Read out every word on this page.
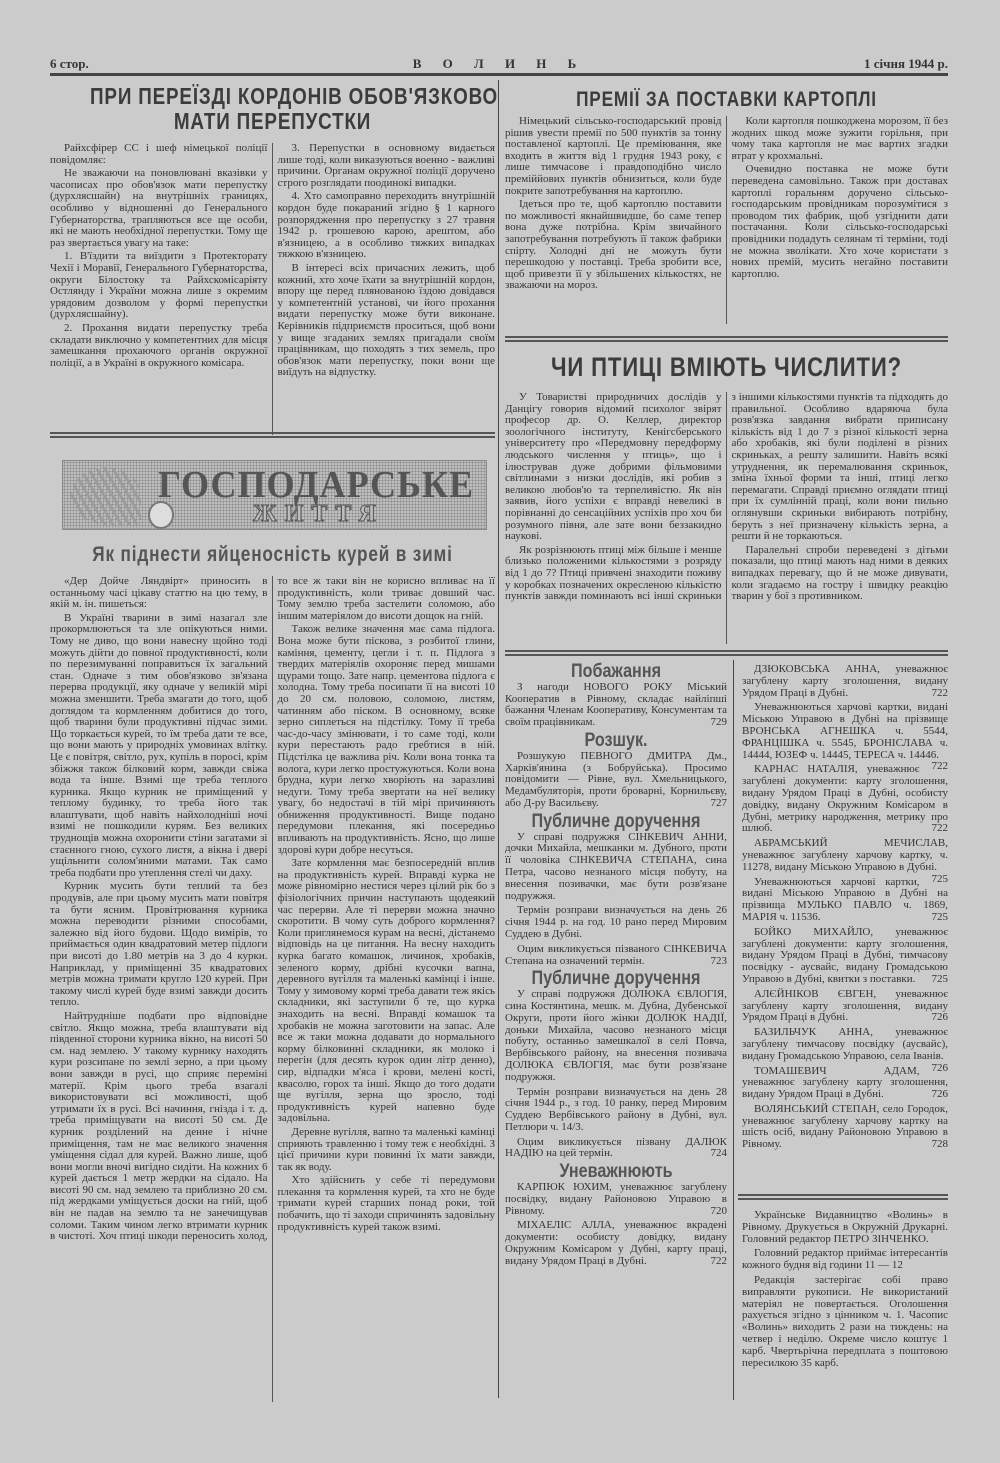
В О Л И Н Ь
6 стор.	1 січня 1944 р.
ПРИ ПЕРЕЇЗДІ КОРДОНІВ ОБОВ'ЯЗКОВО
МАТИ ПЕРЕПУСТКИ

Райхсфірер СС і шеф німецької поліції повідомляє:

Не зважаючи на поновлювані вказівки у часописах про обов'язок мати перепустку (дурхлясшайн) на внутрішніх границях, особливо у відношенні до Генерального Губернаторства, трапляються все ще особи, які не мають необхідної перепустки. Тому ще раз звертається увагу на таке:

1. В'їздити та виїздити з Протекторату Чехії і Моравії, Генерального Губернаторства, округи Білостоку та Райхскомісаріяту Остлянду і України можна лише з окремим урядовим дозволом у формі перепустки (дурхлясшайну).

2. Прохання видати перепустку треба складати виключно у компетентних для місця замешкання прохаючого органів окружної поліції, а в Україні в окружного комісара.

3. Перепустки в основному видається лише тоді, коли виказуються военно - важливі причини. Органам окружної поліції доручено строго розглядати поодинокі випадки.

4. Хто самоправно переходить внутрішній кордон буде покараний згідно § 1 карного розпорядження про перепустку з 27 травня 1942 р. грошевою карою, арештом, або в'язницею, а в особливо тяжких випадках тяжкою в'язницею.

В інтересі всіх причасних лежить, щоб кожний, хто хоче їхати за внутрішній кордон, впору ще перед плянованою їздою довідався у компетентній установі, чи його прохання видати перепустку може бути виконане. Керівників підприємств проситься, щоб вони у вище згаданих землях пригадали своїм працівникам, що походять з тих земель, про обов'язок мати перепустку, поки вони ще виїдуть на відпустку.

ПРЕМІЇ ЗА ПОСТАВКИ КАРТОПЛІ

Німецький сільсько-господарський провід рішив увести премії по 500 пунктів за тонну поставленої картоплі. Це преміювання, яке входить в життя від 1 грудня 1943 року, є лише тимчасове і правдоподібно число преміййових пунктів обнизиться, коли буде покрите запотребування на картоплю.

Ідеться про те, щоб картоплю поставити по можливості якнайшвидше, бо саме тепер вона дуже потрібна. Крім звичайного запотребування потребують її також фабрики спірту. Холодні дні не можуть бути перешкодою у поставці. Треба зробити все, щоб привезти її у збільшених кількостях, не зважаючи на мороз.

Коли картопля пошкоджена морозом, її без жодних шкод може зужити горільня, при чому така картопля не має вартих згадки втрат у крохмальні.

Очевидно поставка не може бути переведена самовільно. Також при доставах картоплі горальням доручено сільсько-господарським провідникам порозумітися з проводом тих фабрик, щоб узгіднити дати постачання. Коли сільсько-господарські провідники подадуть селянам ті терміни, тоді не можна зволікати. Хто хоче користати з нових премій, мусить негайно поставити картоплю.

ЧИ ПТИЦІ ВМІЮТЬ ЧИСЛИТИ?

У Товаристві природничих дослідів у Данцігу говорив відомий психолог звірят професор др. О. Келлер, директор зоологічного інституту, Кенігсберського університету про «Передмовну передформу людського числення у птиць», що і ілюстрував дуже добрими фільмовими світлинами з низки дослідів, які робив з великою любов'ю та терпеливістю. Як він заявив, його успіхи є вправді невеликі в порівнанні до сенсаційних успіхів про хоч би розумного півня, але зате вони беззакидно наукові.

Як розрізнюють птиці між більше і менше близько положеними кількостями з розряду від 1 до 7? Птиці привчені знаходити поживу у коробках позначених окресленою кількістю пунктів завжди поминають всі інші скриньки з іншими кількостями пунктів та підходять до правильної. Особливо вдаряюча була розв'язка завдання вибрати приписану кількість від 1 до 7 з різної кількості зерна або хробаків, які були поділені в різних скриньках, а решту залишити. Навіть всякі утруднення, як перемалювання скриньок, зміна їхньої форми та інші, птиці легко перемагати. Справді приємно оглядати птиці при їх сумлінній праці, коли вони пильно оглянувши скриньки вибирають потрібну, беруть з неї призначену кількість зерна, а решти й не торкаються.

Паралельні спроби переведені з дітьми показали, що птиці мають над ними в деяких випадках перевагу, що й не може дивувати, коли згадаємо на гостру і швидку реакцію тварин у бої з противником.

ГОСПОДАРСЬКЕ
ЖИТТЯ
Як піднести яйценосність курей в зимі

«Дер Дойче Ляндвірт» приносить в останньому часі цікаву статтю на цю тему, в якій м. ін. пишеться:

В Україні тварини в зимі назагал зле прокормлюються та зле опікуються ними. Тому не диво, що вони навесну щойно тоді можуть дійти до повної продуктивності, коли по перезимуванні поправиться їх загальний стан. Одначе з тим обов'язково зв'язана перерва продукції, яку одначе у великій мірі можна зменшити. Треба змагати до того, щоб доглядом та кормленням добитися до того, щоб тварини були продуктивні підчас зими. Що торкається курей, то їм треба дати те все, що вони мають у природніх умовинах влітку. Це є повітря, світло, рух, купіль в поросі, крім збіжжя також білковий корм, завжди свіжа вода та інше. Взимі ще треба теплого курника. Якщо курник не приміщений у теплому будинку, то треба його так влаштувати, щоб навіть найхолодніші ночі взимі не пошкодили курям. Без великих труднощів можна охоронити стіни загатами зі стаєнного гною, сухого листя, а вікна і двері ущільнити солом'яними матами. Так само треба подбати про утеплення стелі чи даху.

Курник мусить бути теплий та без продувів, але при цьому мусить мати повітря та бути ясним. Провітрювання курника можна переводити різними способами, залежно від його будови. Щодо вимірів, то приймається один квадратовий метер підлоги при висоті до 1.80 метрів на 3 до 4 курки. Наприклад, у приміщенні 35 квадратових метрів можна тримати кругло 120 курей. При такому числі курей буде взимі завжди досить тепло.

Найтрудніше подбати про відповідне світло. Якщо можна, треба влаштувати від південної сторони курника вікно, на висоті 50 см. над землею. У такому курнику находять кури розсипане по землі зерно, а при цьому вони завжди в русі, що сприяє переміні матерії. Крім цього треба взагалі використовувати всі можливості, щоб утримати їх в русі. Всі начиння, гнізда і т. д. треба приміщувати на висоті 50 см. Де курник розділений на денне і нічне приміщення, там не має великого значення уміщення сідал для курей. Важно лише, щоб вони могли вночі вигідно сидіти. На кожних 6 курей дається 1 метр жердки на сідало. На висоті 90 см. над землею та приблизно 20 см. під жердками уміщується доски на гній, щоб він не падав на землю та не занечищував соломи. Таким чином легко втримати курник в чистоті. Хоч птиці шкоди переносить холод, то все ж таки він не корисно впливає на її продуктивність, коли триває довший час. Тому землю треба застелити соломою, або іншим матеріялом до висоти дощок на гній.

Також велике значення має сама підлога. Вона може бути піскова, з розбитої глини, каміння, цементу, цегли і т. п. Підлога з твердих матеріялів охороняє перед мишами щурами тощо. Зате напр. цементова підлога є холодна. Тому треба посипати її на висоті 10 до 20 см. половою, соломою, листям, чатинням або піском. В основному, всяке зерно сиплеться на підстілку. Тому її треба час-до-часу змінювати, і то саме тоді, коли кури перестають радо гребтися в ній. Підстілка це важлива річ. Коли вона тонка та волога, кури легко простужуються. Коли вона брудна, кури легко хворіють на заразливі недуги. Тому треба звертати на неї велику увагу, бо недостачі в тій мірі причиняють обниження продуктивності. Вище подано передумови плекання, які посередньо впливають на продуктивність. Ясно, що лише здорові кури добре несуться.

Зате кормлення має безпосередній вплив на продуктивність курей. Вправді курка не може рівномірно нестися через цілий рік бо з фізіологічних причин наступають щодеякий час перерви. Але ті перерви можна значно скоротити. В чому суть доброго кормлення? Коли приглянемося курам на весні, дістанемо відповідь на це питання. На весну находить курка багато комашок, личинок, хробаків, зеленого корму, дрібні кусочки вапна, деревного вугілля та маленькі камінці і інше. Тому у зимовому кормі треба давати теж якісь складники, які заступили б те, що курка знаходить на весні. Вправді комашок та хробаків не можна заготовити на запас. Але все ж таки можна додавати до нормального корму білковинні складники, як молоко і перегін (для десять курок один літр денно), сир, відпадки м'яса і крови, мелені кості, квасолю, горох та інші. Якщо до того додати ще вугілля, зерна що зросло, тоді продуктивність курей напевно буде задовільна.

Деревне вугілля, вапно та маленькі камінці сприяють травленню і тому теж є необхідні. З цієї причини кури повинні їх мати завжди, так як воду.

Хто здійснить у себе ті передумови плекання та кормлення курей, та хто не буде тримати курей старших понад роки, той побачить, що ті заходи спричинять задовільну продуктивність курей також взимі.

Побажання

З нагоди НОВОГО РОКУ Міський Кооператив в Рівному, складає найліпші бажання Членам Кооперативу, Консументам та своїм працівникам.	729

Розшук.

Розшукую ПЕВНОГО ДМИТРА Дм., Харків'янина (з Бобруйська). Просимо повідомити — Рівне, вул. Хмельницького, Медамбуляторія, проти броварні, Корнильєву, або Д-ру Васильєву.	727

Публичне доручення

У справі подружжя СІНКЕВИЧ АННИ, дочки Михайла, мешканки м. Дубного, проти її чоловіка СІНКЕВИЧА СТЕПАНА, сина Петра, часово незнаного місця побуту, на внесення позивачки, має бути розв'язане подружжя.

Термін розправи визначується на день 26 січня 1944 р. на год. 10 рано перед Мировим Суддею в Дубні.

Оцим викликується пізваного СІНКЕВИЧА Степана на означений термін.	723

Публичне доручення

У справі подружжя ДОЛЮКА ЄВЛОГІЯ, сина Костянтина, мешк. м. Дубна, Дубенської Округи, проти його жінки ДОЛЮК НАДІЇ, доньки Михайла, часово незнаного місця побуту, останньо замешкалої в селі Повча, Вербівського району, на внесення позивача ДОЛЮКА ЄВЛОГІЯ, має бути розв'язане подружжя.

Термін розправи визначується на день 28 січня 1944 р., з год. 10 ранку, перед Мировим Суддею Вербівського району в Дубні, вул. Петлюри ч. 14/3.

Оцим викликується пізвану ДАЛЮК НАДІЮ на цей термін.	724

Уневажнюють

КАРПЮК ЮХИМ, уневажнює загублену посвідку, видану Районовою Управою в Рівному.	720

МІХАЕЛІС АЛЛА, уневажнює вкрадені документи: особисту довідку, видану Окружним Комісаром у Дубні, карту праці, видану Урядом Праці в Дубні.	722

ДЗЮКОВСЬКА АННА, уневажнює загублену карту зголошення, видану Урядом Праці в Дубні.	722

Уневажнюються харчові картки, видані Міською Управою в Дубні на прізвище ВРОНСЬКА АГНЕШКА ч. 5544, ФРАНЦІШКА ч. 5545, БРОНІСЛАВА ч. 14444, ЮЗЕФ ч. 14445, ТЕРЕСА ч. 14446.
722

КАРНАС НАТАЛІЯ, уневажнює загублені документи: карту зголошення, видану Урядом Праці в Дубні, особисту довідку, видану Окружним Комісаром в Дубні, метрику народження, метрику про шлюб.	722

АБРАМСЬКИЙ МЕЧИСЛАВ, уневажнює загублену харчову картку, ч. 11278, видану Міською Управою в Дубні.
725

Уневажнюються харчові картки, видані Міською Управою в Дубні на прізвища МУЛЬКО ПАВЛО ч. 1869, МАРІЯ ч. 11536.	725

БОЙКО МИХАЙЛО, уневажнює загублені документи: карту зголошення, видану Урядом Праці в Дубні, тимчасову посвідку - аусвайс, видану Громадською Управою в Дубні, квитки з поставки.	725

АЛЄЙНІКОВ ЄВГЕН, уневажнює загублену карту зголошення, видану Урядом Праці в Дубні.	726

БАЗИЛЬЧУК АННА, уневажнює загублену тимчасову посвідку (аусвайс), видану Громадською Управою, села Іванів.
726

ТОМАШЕВИЧ АДАМ, уневажнює загублену карту зголошення, видану Урядом Праці в Дубні.	726

ВОЛЯНСЬКИЙ СТЕПАН, село Городок, уневажнює загублену харчову картку на шість осіб, видану Районовою Управою в Рівному.	728

Українське Видавництво «Волинь» в Рівному. Друкується в Окружній Друкарні. Головний редактор ПЕТРО ЗІНЧЕНКО.

Головний редактор приймає інтересантів кожного будня від години 11 — 12

Редакція застерігає собі право виправляти рукописи. Не використаний матеріял не повертається. Оголошення рахується згідно з цінником ч. 1. Часопис «Волинь» виходить 2 рази на тиждень: на четвер і неділю. Окреме число коштує 1 карб. Чвертьрічна передплата з поштовою пересилкою 35 карб.
